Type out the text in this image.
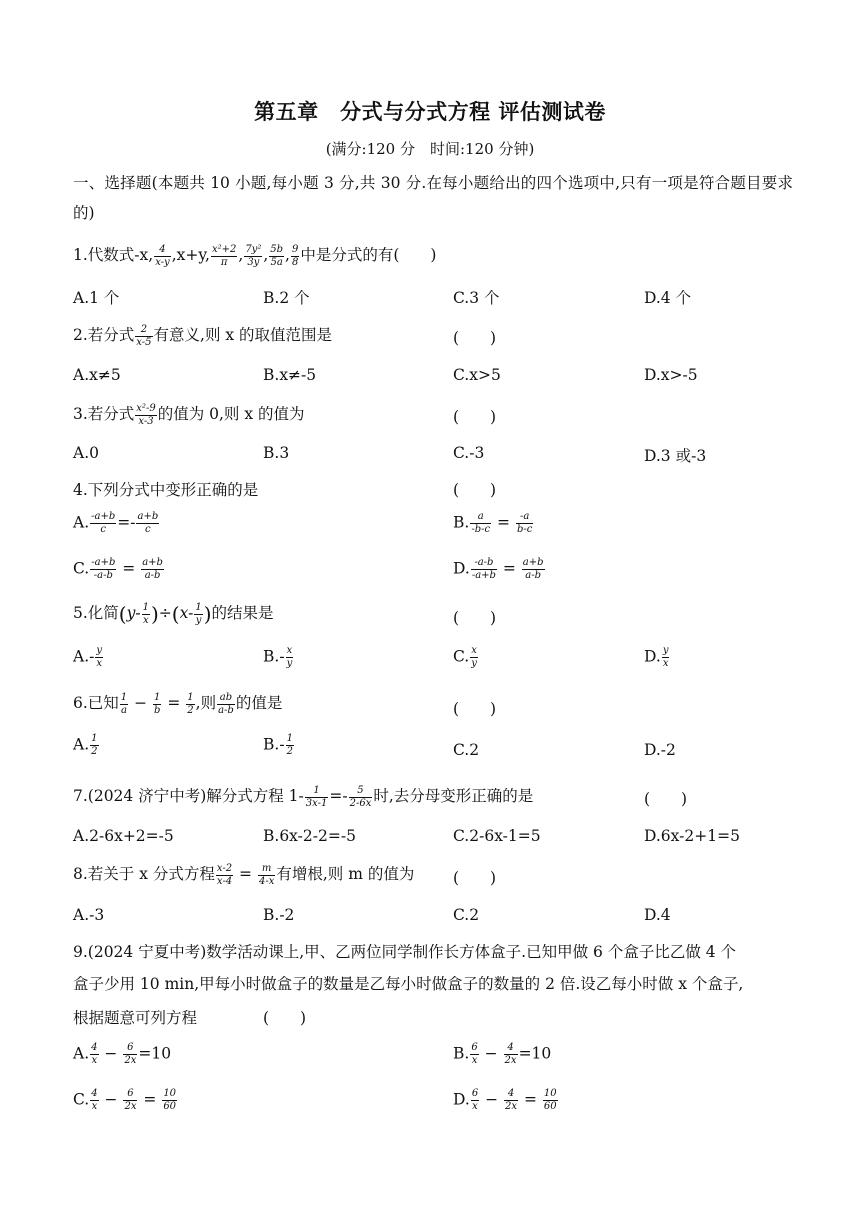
第五章　分式与分式方程 评估测试卷
(满分:120 分　时间:120 分钟)
一、选择题(本题共 10 小题,每小题 3 分,共 30 分.在每小题给出的四个选项中,只有一项是符合题目要求的)
1.代数式-x, $\frac{4}{x-y} ,x+y$, $\frac{\text{x²+2}}{\pi}$ , $\frac{\text{7y²}}{3y}$ , $\frac{5b}{5a}$ , $\frac{9}{8}$ 中是分式的有(　　)
A.1 个	B.2 个	C.3 个	D.4 个
2.若分式 $\frac{2}{x-5}$ 有意义,则 x 的取值范围是	(　　)
A.x≠5	B.x≠-5	C.x>5	D.x>-5
3.若分式 $\frac{\text{x²-9}}{x-3}$ 的值为 0,则 x 的值为	(　　)
A.0	B.3	C.-3	D.3 或-3
4.下列分式中变形正确的是	(　　)
A. $\frac{-a+b}{c} =- \frac{a+b}{c}$	B. $\frac{a}{-b-c} = \frac{-a}{b-c}$
C. $\frac{-a+b}{-a-b} = \frac{a+b}{a-b}$	D. $\frac{-a-b}{-a+b} = \frac{a+b}{a-b}$
5.化简$(y- \frac{1}{x} )\div(x- \frac{1}{y}$ )的结果是	(　　)
$A.- \frac{y}{x}$	$B.- \frac{x}{y}$	C. $\frac{x}{y}$	D. $\frac{y}{x}$
6.已知 $\frac{1}{a} - \frac{1}{b} = \frac{1}{2}$ ,则 $\frac{ab}{a-b}$ 的值是	(　　)
A. $\frac{1}{2}$	$B.- \frac{1}{2}$	C.2	D.-2
7.(2024 济宁中考)解分式方程 $1- \frac{1}{3x-1} =- \frac{5}{2-6x}$ 时,去分母变形正确的是	(　　)
A.2-6x+2=-5	B.6x-2-2=-5	C.2-6x-1=5	D.6x-2+1=5
8.若关于 x 分式方程 $\frac{x-2}{x-4} = \frac{m}{4-x}$ 有增根,则 m 的值为 (　　)
A.-3	B.-2	C.2	D.4
9.(2024 宁夏中考)数学活动课上,甲、乙两位同学制作长方体盒子.已知甲做 6 个盒子比乙做 4 个
盒子少用 10 min,甲每小时做盒子的数量是乙每小时做盒子的数量的 2 倍.设乙每小时做 x 个盒子,
根据题意可列方程	(　　)
A. $\frac{4}{x} - \frac{6}{2x} =10$	B. $\frac{6}{x} - \frac{4}{2x} =10$
C. $\frac{4}{x} - \frac{6}{2x} = \frac{10}{60}$	D. $\frac{6}{x} - \frac{4}{2x} = \frac{10}{60}$
